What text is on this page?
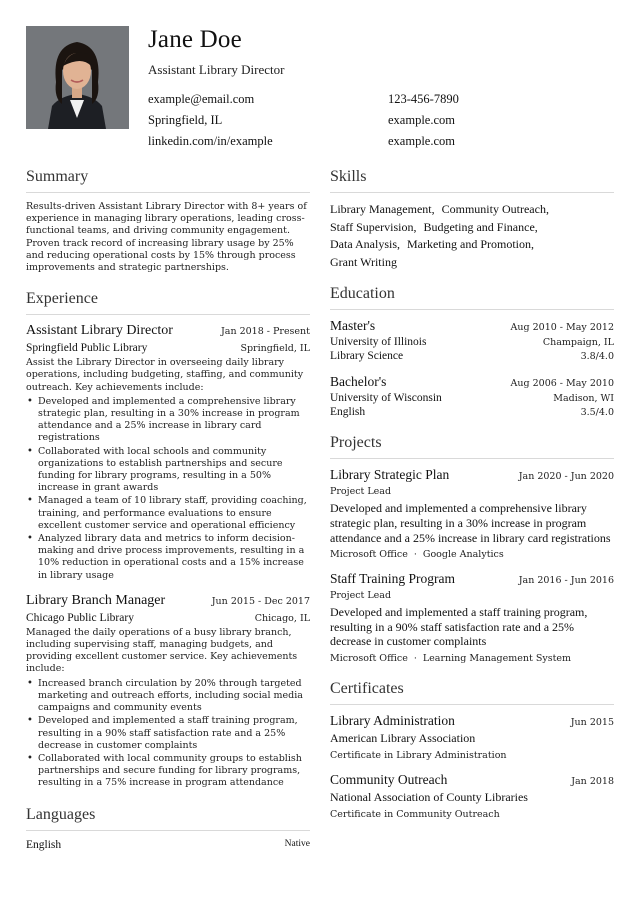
Jane Doe
Assistant Library Director
example@email.com	123-456-7890
Springfield, IL	example.com
linkedin.com/in/example	example.com
Summary
Results-driven Assistant Library Director with 8+ years of experience in managing library operations, leading cross-functional teams, and driving community engagement. Proven track record of increasing library usage by 25% and reducing operational costs by 15% through process improvements and strategic partnerships.
Experience
Assistant Library Director	Jan 2018 - Present
Springfield Public Library	Springfield, IL
Assist the Library Director in overseeing daily library operations, including budgeting, staffing, and community outreach. Key achievements include:
• Developed and implemented a comprehensive library strategic plan, resulting in a 30% increase in program attendance and a 25% increase in library card registrations
• Collaborated with local schools and community organizations to establish partnerships and secure funding for library programs, resulting in a 50% increase in grant awards
• Managed a team of 10 library staff, providing coaching, training, and performance evaluations to ensure excellent customer service and operational efficiency
• Analyzed library data and metrics to inform decision-making and drive process improvements, resulting in a 10% reduction in operational costs and a 15% increase in library usage
Library Branch Manager	Jun 2015 - Dec 2017
Chicago Public Library	Chicago, IL
Managed the daily operations of a busy library branch, including supervising staff, managing budgets, and providing excellent customer service. Key achievements include:
• Increased branch circulation by 20% through targeted marketing and outreach efforts, including social media campaigns and community events
• Developed and implemented a staff training program, resulting in a 90% staff satisfaction rate and a 25% decrease in customer complaints
• Collaborated with local community groups to establish partnerships and secure funding for library programs, resulting in a 75% increase in program attendance
Languages
English	Native
Skills
Library Management, Community Outreach,
Staff Supervision, Budgeting and Finance,
Data Analysis, Marketing and Promotion,
Grant Writing
Education
Master's	Aug 2010 - May 2012
University of Illinois	Champaign, IL
Library Science	3.8/4.0
Bachelor's	Aug 2006 - May 2010
University of Wisconsin	Madison, WI
English	3.5/4.0
Projects
Library Strategic Plan	Jan 2020 - Jun 2020
Project Lead
Developed and implemented a comprehensive library strategic plan, resulting in a 30% increase in program attendance and a 25% increase in library card registrations
Microsoft Office · Google Analytics
Staff Training Program	Jan 2016 - Jun 2016
Project Lead
Developed and implemented a staff training program, resulting in a 90% staff satisfaction rate and a 25% decrease in customer complaints
Microsoft Office · Learning Management System
Certificates
Library Administration	Jun 2015
American Library Association
Certificate in Library Administration
Community Outreach	Jan 2018
National Association of County Libraries
Certificate in Community Outreach
